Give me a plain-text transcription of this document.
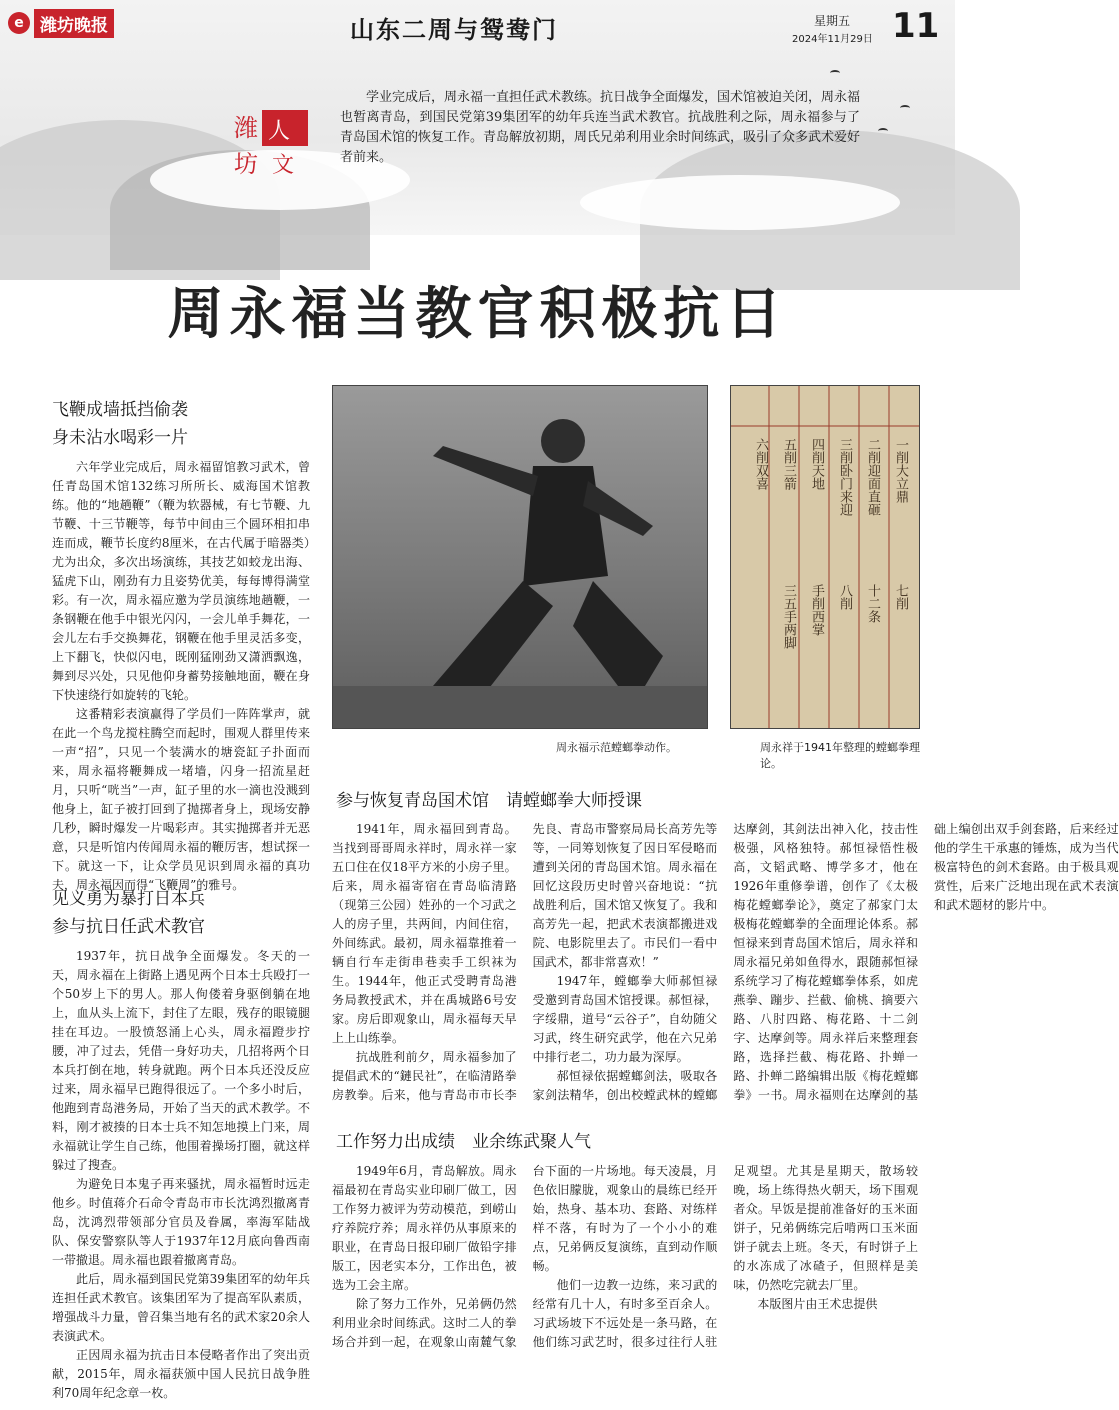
e 潍坊晚报	山东二周与鸳鸯门	星期五
2024年11月29日 11
潍 人
坊 文
学业完成后，周永福一直担任武术教练。抗日战争全面爆发，国术馆被迫关闭，周永福也暂离青岛，到国民党第39集团军的幼年兵连当武术教官。抗战胜利之际，周永福参与了青岛国术馆的恢复工作。青岛解放初期，周氏兄弟利用业余时间练武，吸引了众多武术爱好者前来。
周永福当教官积极抗日
飞鞭成墙抵挡偷袭
身未沾水喝彩一片

六年学业完成后，周永福留馆教习武术，曾任青岛国术馆132练习所所长、威海国术馆教练。他的“地趟鞭”（鞭为软器械，有七节鞭、九节鞭、十三节鞭等，每节中间由三个圆环相扣串连而成，鞭节长度约8厘米，在古代属于暗器类）尤为出众，多次出场演练，其技艺如蛟龙出海、猛虎下山，刚劲有力且姿势优美，每每博得满堂彩。有一次，周永福应邀为学员演练地趟鞭，一条钢鞭在他手中银光闪闪，一会儿单手舞花，一会儿左右手交换舞花，钢鞭在他手里灵活多变，上下翻飞，快似闪电，既刚猛刚劲又潇洒飘逸，舞到尽兴处，只见他仰身蓄势接触地面，鞭在身下快速绕行如旋转的飞轮。

这番精彩表演赢得了学员们一阵阵掌声，就在此一个鸟龙搅柱腾空而起时，围观人群里传来一声“招”，只见一个装满水的塘瓷缸子扑面而来，周永福将鞭舞成一堵墙，闪身一招流星赶月，只听“咣当”一声，缸子里的水一滴也没溅到他身上，缸子被打回到了抛掷者身上，现场安静几秒，瞬时爆发一片喝彩声。其实抛掷者并无恶意，只是听馆内传闻周永福的鞭厉害，想试探一下。就这一下，让众学员见识到周永福的真功夫，周永福因而得“飞鞭周”的雅号。

见义勇为暴打日本兵
参与抗日任武术教官

1937年，抗日战争全面爆发。冬天的一天，周永福在上街路上遇见两个日本士兵殴打一个50岁上下的男人。那人佝偻着身驱倒躺在地上，血从头上流下，封住了左眼，残存的眼镜腿挂在耳边。一股愤怒涌上心头，周永福蹬步拧腰，冲了过去，凭借一身好功夫，几招将两个日本兵打倒在地，转身就跑。两个日本兵还没反应过来，周永福早已跑得很远了。一个多小时后，他跑到青岛港务局，开始了当天的武术教学。不料，刚才被揍的日本士兵不知怎地摸上门来，周永福就让学生自己练，他围着操场打圈，就这样躲过了搜查。

为避免日本鬼子再来骚扰，周永福暂时远走他乡。时值蒋介石命令青岛市市长沈鸿烈撤离青岛，沈鸿烈带领部分官员及眷属，率海军陆战队、保安警察队等人于1937年12月底向鲁西南一带撤退。周永福也跟着撤离青岛。

此后，周永福到国民党第39集团军的幼年兵连担任武术教官。该集团军为了提高军队素质，增强战斗力量，曾召集当地有名的武术家20余人表演武术。

正因周永福为抗击日本侵略者作出了突出贡献，2015年，周永福获颁中国人民抗日战争胜利70周年纪念章一枚。

周永福示范螳螂拳动作。
一削大立鼎
二削迎面直砸
三削卧门来迎
四削天地
五削三箭
六削双喜
七削
十二条
八削
手削西掌
三五手两脚
周永祥于1941年整理的螳螂拳理论。
参与恢复青岛国术馆　请螳螂拳大师授课

1941年，周永福回到青岛。当找到哥哥周永祥时，周永祥一家五口住在仅18平方米的小房子里。后来，周永福寄宿在青岛临清路（现第三公园）姓孙的一个习武之人的房子里，共两间，内间住宿，外间练武。最初，周永福靠推着一辆自行车走街串巷卖手工织袜为生。1944年，他正式受聘青岛港务局教授武术，并在禹城路6号安家。房后即观象山，周永福每天早上上山练拳。

抗战胜利前夕，周永福参加了提倡武术的“鏈民社”，在临清路拳房教拳。后来，他与青岛市市长李先良、青岛市警察局局长高芳先等等，一同筹划恢复了因日军侵略而遭到关闭的青岛国术馆。周永福在回忆这段历史时曾兴奋地说：“抗战胜利后，国术馆又恢复了。我和高芳先一起，把武术表演都搬进戏院、电影院里去了。市民们一看中国武术，都非常喜欢！”

1947年，螳螂拳大师郝恒禄受邀到青岛国术馆授课。郝恒禄，字绥鼎，道号“云谷子”，自幼随父习武，终生研究武学，他在六兄弟中排行老二，功力最为深厚。

郝恒禄依据螳螂剑法，吸取各家剑法精华，创出校螳武林的螳螂达摩剑，其剑法出神入化，技击性极强，风格独特。郝恒禄悟性极高，文韬武略、博学多才，他在1926年重修拳谱，创作了《太极梅花螳螂拳论》，奠定了郝家门太极梅花螳螂拳的全面理论体系。郝恒禄来到青岛国术馆后，周永祥和周永福兄弟如鱼得水，跟随郝恒禄系统学习了梅花螳螂拳体系，如虎燕拳、蹦步、拦截、偷桃、摘要六路、八肘四路、梅花路、十二剑字、达摩剑等。周永祥后来整理套路，选择拦截、梅花路、扑蝉一路、扑蝉二路编辑出版《梅花螳螂拳》一书。周永福则在达摩剑的基础上编创出双手剑套路，后来经过他的学生干承惠的锤炼，成为当代极富特色的剑术套路。由于极具观赏性，后来广泛地出现在武术表演和武术题材的影片中。

工作努力出成绩　业余练武聚人气

1949年6月，青岛解放。周永福最初在青岛实业印刷厂做工，因工作努力被评为劳动模范，到崂山疗养院疗养；周永祥仍从事原来的职业，在青岛日报印刷厂做铅字排版工，因老实本分，工作出色，被选为工会主席。

除了努力工作外，兄弟俩仍然利用业余时间练武。这时二人的拳场合并到一起，在观象山南麓气象台下面的一片场地。每天凌晨，月色依旧朦胧，观象山的晨练已经开始，热身、基本功、套路、对练样样不落，有时为了一个小小的难点，兄弟俩反复演练，直到动作顺畅。

他们一边教一边练，来习武的经常有几十人，有时多至百余人。习武场坡下不远处是一条马路，在他们练习武艺时，很多过往行人驻足观望。尤其是星期天，散场较晚，场上练得热火朝天，场下围观者众。早饭是提前准备好的玉米面饼子，兄弟俩练完后啃两口玉米面饼子就去上班。冬天，有时饼子上的水冻成了冰碴子，但照样是美味，仍然吃完就去厂里。

本版图片由王术忠提供
